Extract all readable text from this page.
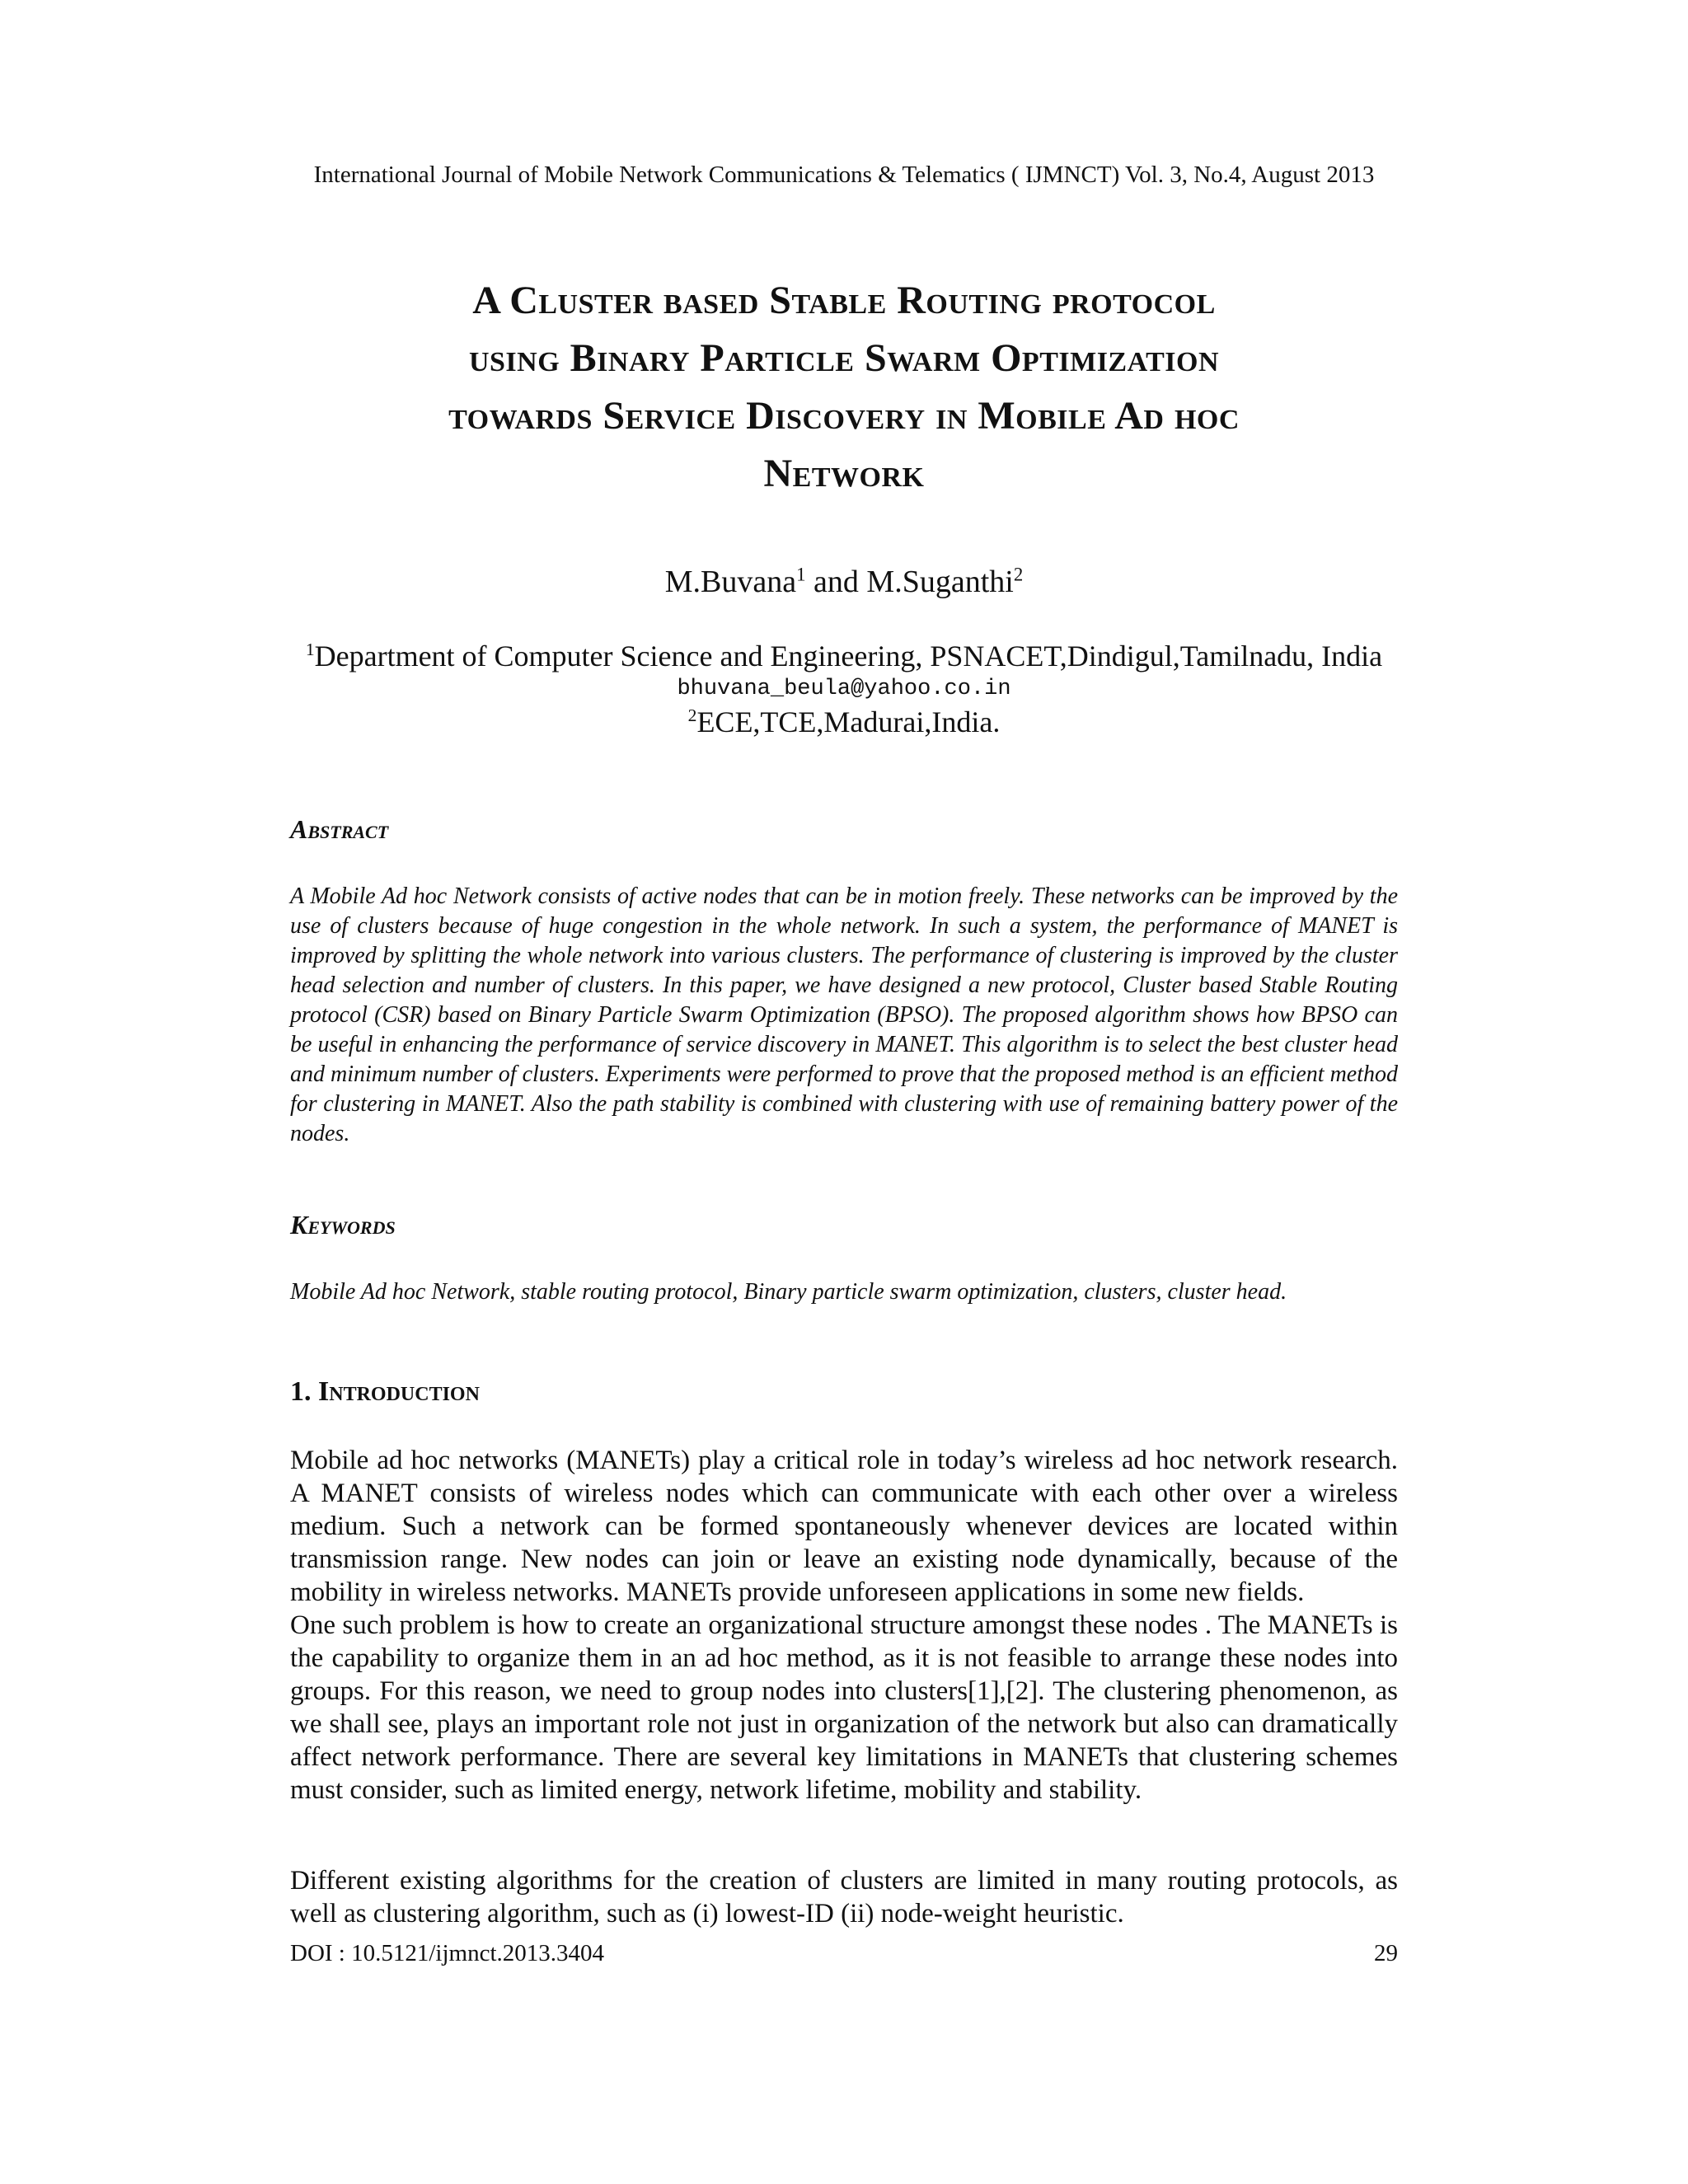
International Journal of Mobile Network Communications & Telematics ( IJMNCT) Vol. 3, No.4, August 2013
A Cluster based Stable Routing protocol
using Binary Particle Swarm Optimization
towards Service Discovery in Mobile Ad hoc
Network
M.Buvana$^1$ and M.Suganthi$^2$
$^1$Department of Computer Science and Engineering, PSNACET,Dindigul,Tamilnadu, India
bhuvana_beula@yahoo.co.in
$^2$ECE,TCE,Madurai,India.
Abstract
A Mobile Ad hoc Network consists of active nodes that can be in motion freely. These networks can be improved by the use of clusters because of huge congestion in the whole network. In such a system, the performance of MANET is improved by splitting the whole network into various clusters. The performance of clustering is improved by the cluster head selection and number of clusters. In this paper, we have designed a new protocol, Cluster based Stable Routing protocol (CSR) based on Binary Particle Swarm Optimization (BPSO). The proposed algorithm shows how BPSO can be useful in enhancing the performance of service discovery in MANET. This algorithm is to select the best cluster head and minimum number of clusters. Experiments were performed to prove that the proposed method is an efficient method for clustering in MANET. Also the path stability is combined with clustering with use of remaining battery power of the nodes.
Keywords
Mobile Ad hoc Network, stable routing protocol, Binary particle swarm optimization, clusters, cluster head.
1. Introduction

Mobile ad hoc networks (MANETs) play a critical role in today’s wireless ad hoc network research. A MANET consists of wireless nodes which can communicate with each other over a wireless medium. Such a network can be formed spontaneously whenever devices are located within transmission range. New nodes can join or leave an existing node dynamically, because of the mobility in wireless networks. MANETs provide unforeseen applications in some new fields.

One such problem is how to create an organizational structure amongst these nodes . The MANETs is the capability to organize them in an ad hoc method, as it is not feasible to arrange these nodes into groups. For this reason, we need to group nodes into clusters[1],[2]. The clustering phenomenon, as we shall see, plays an important role not just in organization of the network but also can dramatically affect network performance. There are several key limitations in MANETs that clustering schemes must consider, such as limited energy, network lifetime, mobility and stability.

Different existing algorithms for the creation of clusters are limited in many routing protocols, as well as clustering algorithm, such as (i) lowest-ID (ii) node-weight heuristic.

DOI : 10.5121/ijmnct.2013.3404	29
